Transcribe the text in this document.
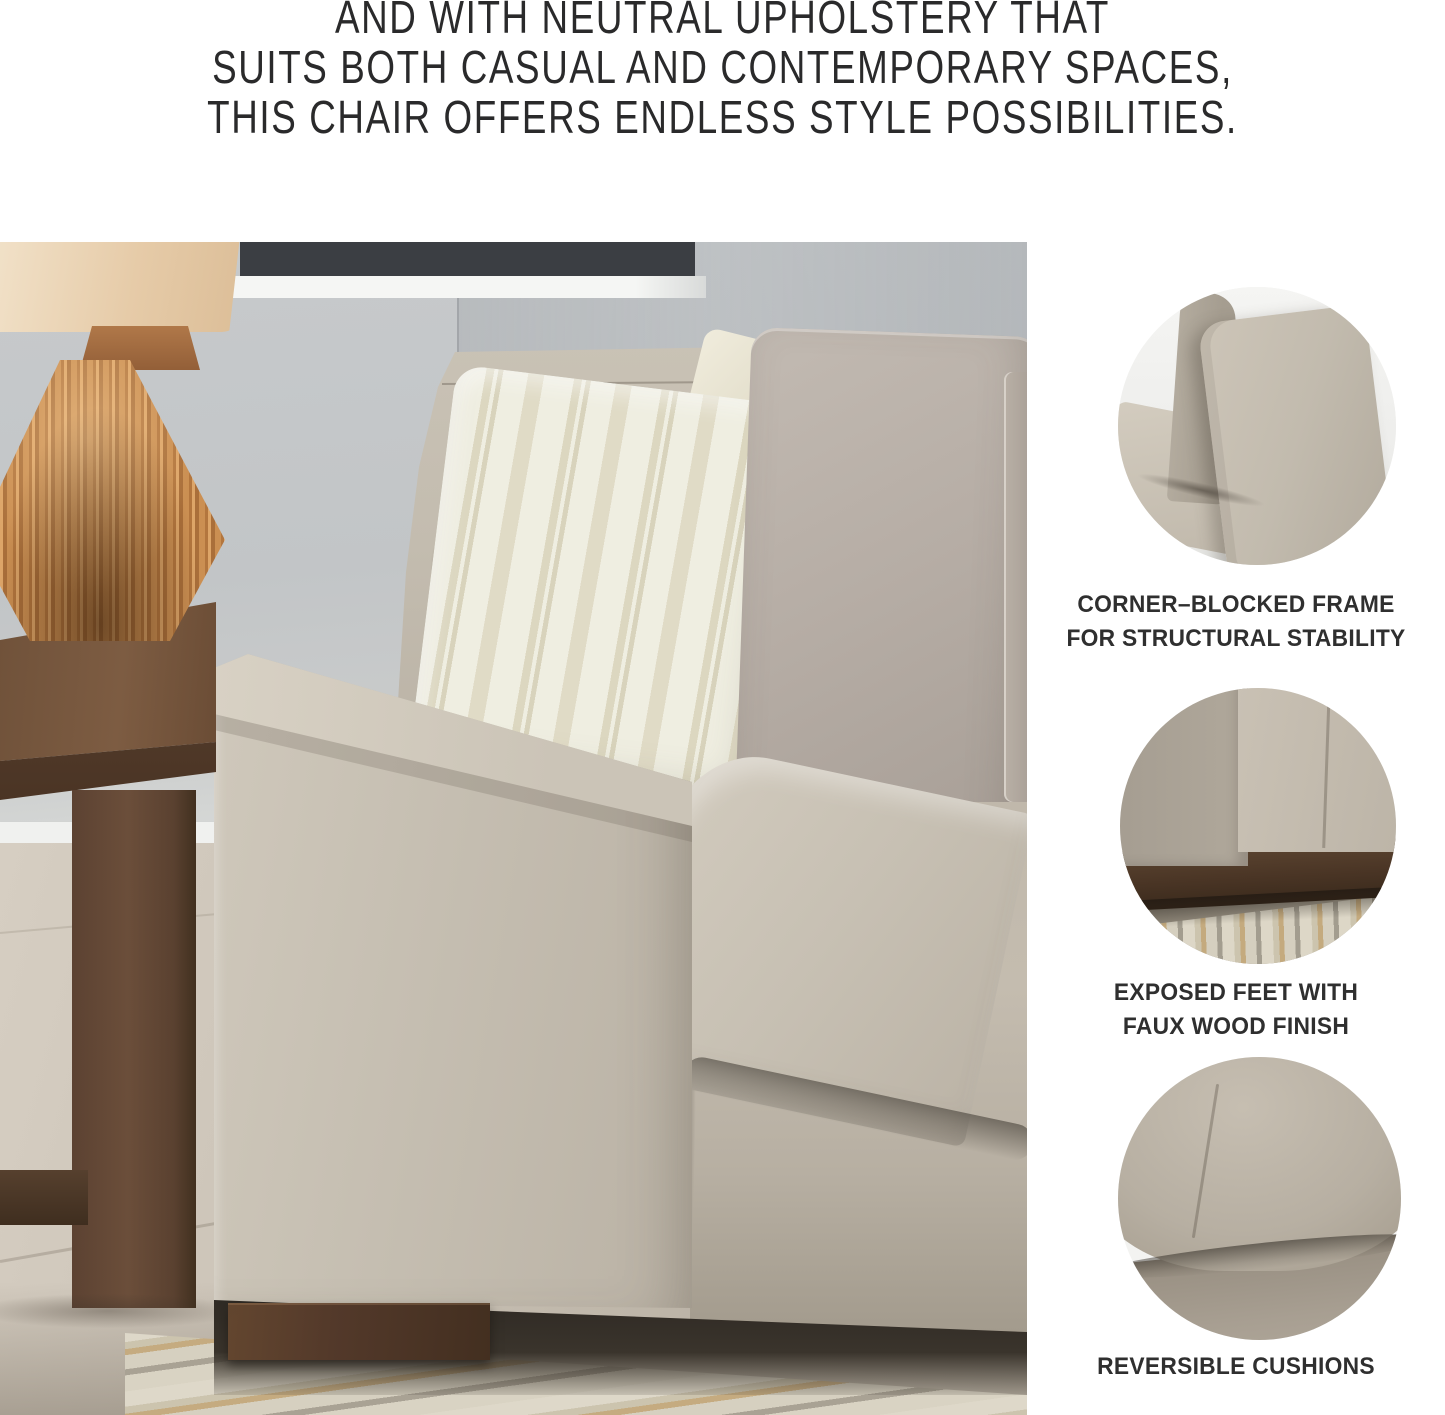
AND WITH NEUTRAL UPHOLSTERY THAT
SUITS BOTH CASUAL AND CONTEMPORARY SPACES,
THIS CHAIR OFFERS ENDLESS STYLE POSSIBILITIES.
CORNER–BLOCKED FRAME
FOR STRUCTURAL STABILITY
EXPOSED FEET WITH
FAUX WOOD FINISH
REVERSIBLE CUSHIONS
